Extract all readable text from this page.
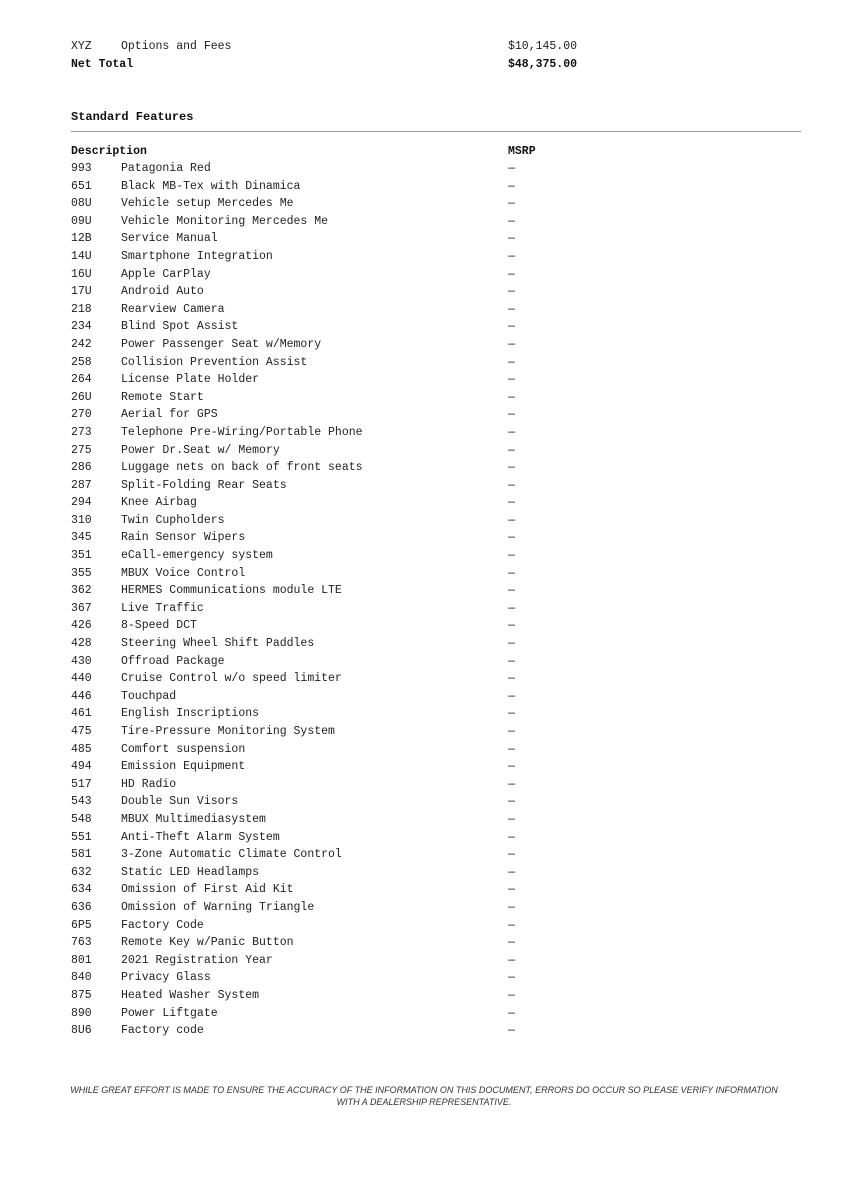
XYZ	Options and Fees	$10,145.00
Net Total	$48,375.00
Standard Features
Description	MSRP
993	Patagonia Red	—
651	Black MB-Tex with Dinamica	—
08U	Vehicle setup Mercedes Me	—
09U	Vehicle Monitoring Mercedes Me	—
12B	Service Manual	—
14U	Smartphone Integration	—
16U	Apple CarPlay	—
17U	Android Auto	—
218	Rearview Camera	—
234	Blind Spot Assist	—
242	Power Passenger Seat w/Memory	—
258	Collision Prevention Assist	—
264	License Plate Holder	—
26U	Remote Start	—
270	Aerial for GPS	—
273	Telephone Pre-Wiring/Portable Phone	—
275	Power Dr.Seat w/ Memory	—
286	Luggage nets on back of front seats	—
287	Split-Folding Rear Seats	—
294	Knee Airbag	—
310	Twin Cupholders	—
345	Rain Sensor Wipers	—
351	eCall-emergency system	—
355	MBUX Voice Control	—
362	HERMES Communications module LTE	—
367	Live Traffic	—
426	8-Speed DCT	—
428	Steering Wheel Shift Paddles	—
430	Offroad Package	—
440	Cruise Control w/o speed limiter	—
446	Touchpad	—
461	English Inscriptions	—
475	Tire-Pressure Monitoring System	—
485	Comfort suspension	—
494	Emission Equipment	—
517	HD Radio	—
543	Double Sun Visors	—
548	MBUX Multimediasystem	—
551	Anti-Theft Alarm System	—
581	3-Zone Automatic Climate Control	—
632	Static LED Headlamps	—
634	Omission of First Aid Kit	—
636	Omission of Warning Triangle	—
6P5	Factory Code	—
763	Remote Key w/Panic Button	—
801	2021 Registration Year	—
840	Privacy Glass	—
875	Heated Washer System	—
890	Power Liftgate	—
8U6	Factory code	—
WHILE GREAT EFFORT IS MADE TO ENSURE THE ACCURACY OF THE INFORMATION ON THIS DOCUMENT, ERRORS DO OCCUR SO PLEASE VERIFY INFORMATION WITH A DEALERSHIP REPRESENTATIVE.
